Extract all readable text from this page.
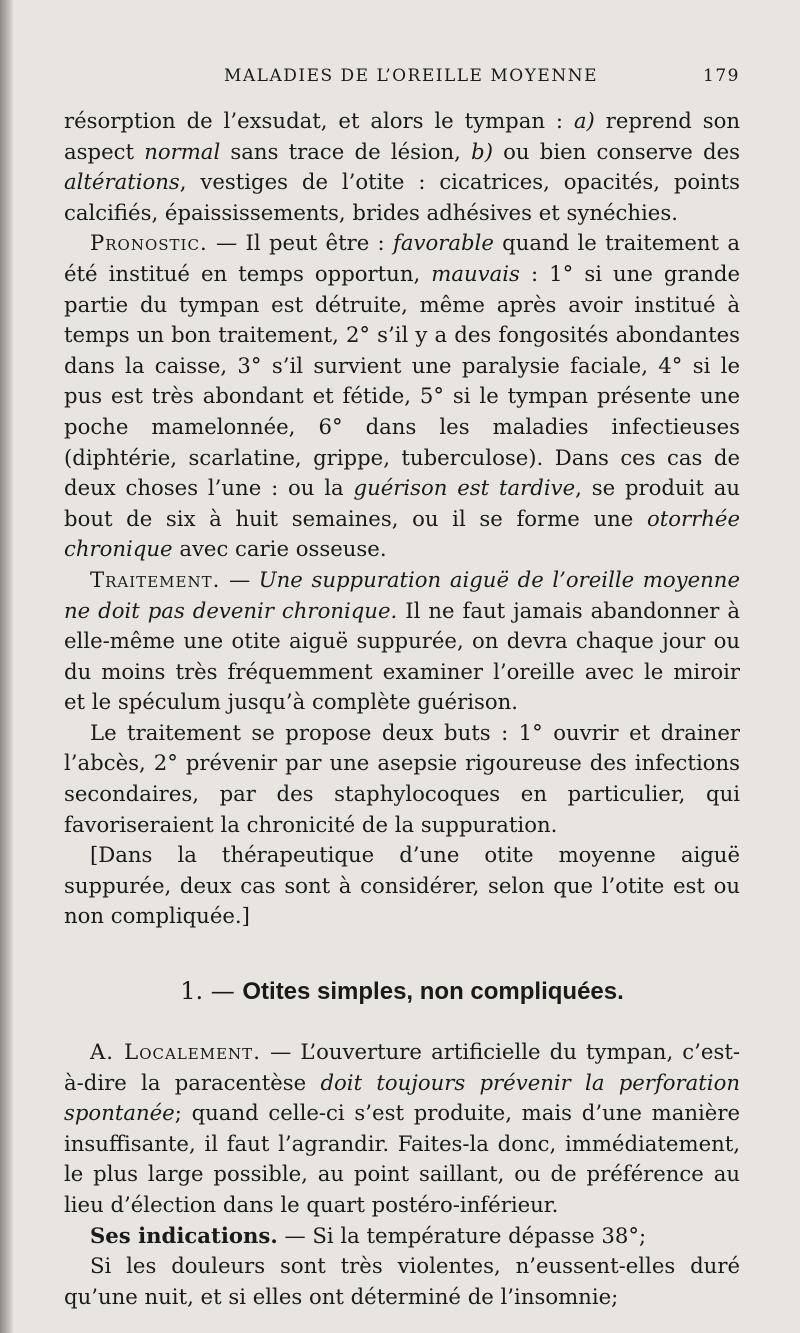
MALADIES DE L’OREILLE MOYENNE	179

résorption de l’exsudat, et alors le tympan : a) reprend son aspect normal sans trace de lésion, b) ou bien conserve des altérations, vestiges de l’otite : cicatrices, opacités, points calcifiés, épaississements, brides adhésives et synéchies.

Pronostic. — Il peut être : favorable quand le traitement a été institué en temps opportun, mauvais : 1° si une grande partie du tympan est détruite, même après avoir institué à temps un bon traitement, 2° s’il y a des fongosités abondantes dans la caisse, 3° s’il survient une paralysie faciale, 4° si le pus est très abondant et fétide, 5° si le tympan présente une poche mamelonnée, 6° dans les maladies infectieuses (diphtérie, scarlatine, grippe, tuberculose). Dans ces cas de deux choses l’une : ou la guérison est tardive, se produit au bout de six à huit semaines, ou il se forme une otorrhée chronique avec carie osseuse.

Traitement. — Une suppuration aiguë de l’oreille moyenne ne doit pas devenir chronique. Il ne faut jamais abandonner à elle-même une otite aiguë suppurée, on devra chaque jour ou du moins très fréquemment examiner l’oreille avec le miroir et le spéculum jusqu’à complète guérison.

Le traitement se propose deux buts : 1° ouvrir et drainer l’abcès, 2° prévenir par une asepsie rigoureuse des infections secondaires, par des staphylocoques en particulier, qui favoriseraient la chronicité de la suppuration.

[Dans la thérapeutique d’une otite moyenne aiguë suppurée, deux cas sont à considérer, selon que l’otite est ou non compliquée.]

1. — Otites simples, non compliquées.

A. Localement. — L’ouverture artificielle du tympan, c’est-à-dire la paracentèse doit toujours prévenir la perforation spontanée; quand celle-ci s’est produite, mais d’une manière insuffisante, il faut l’agrandir. Faites-la donc, immédiatement, le plus large possible, au point saillant, ou de préférence au lieu d’élection dans le quart postéro-inférieur.

Ses indications. — Si la température dépasse 38°;

Si les douleurs sont très violentes, n’eussent-elles duré qu’une nuit, et si elles ont déterminé de l’insomnie;
